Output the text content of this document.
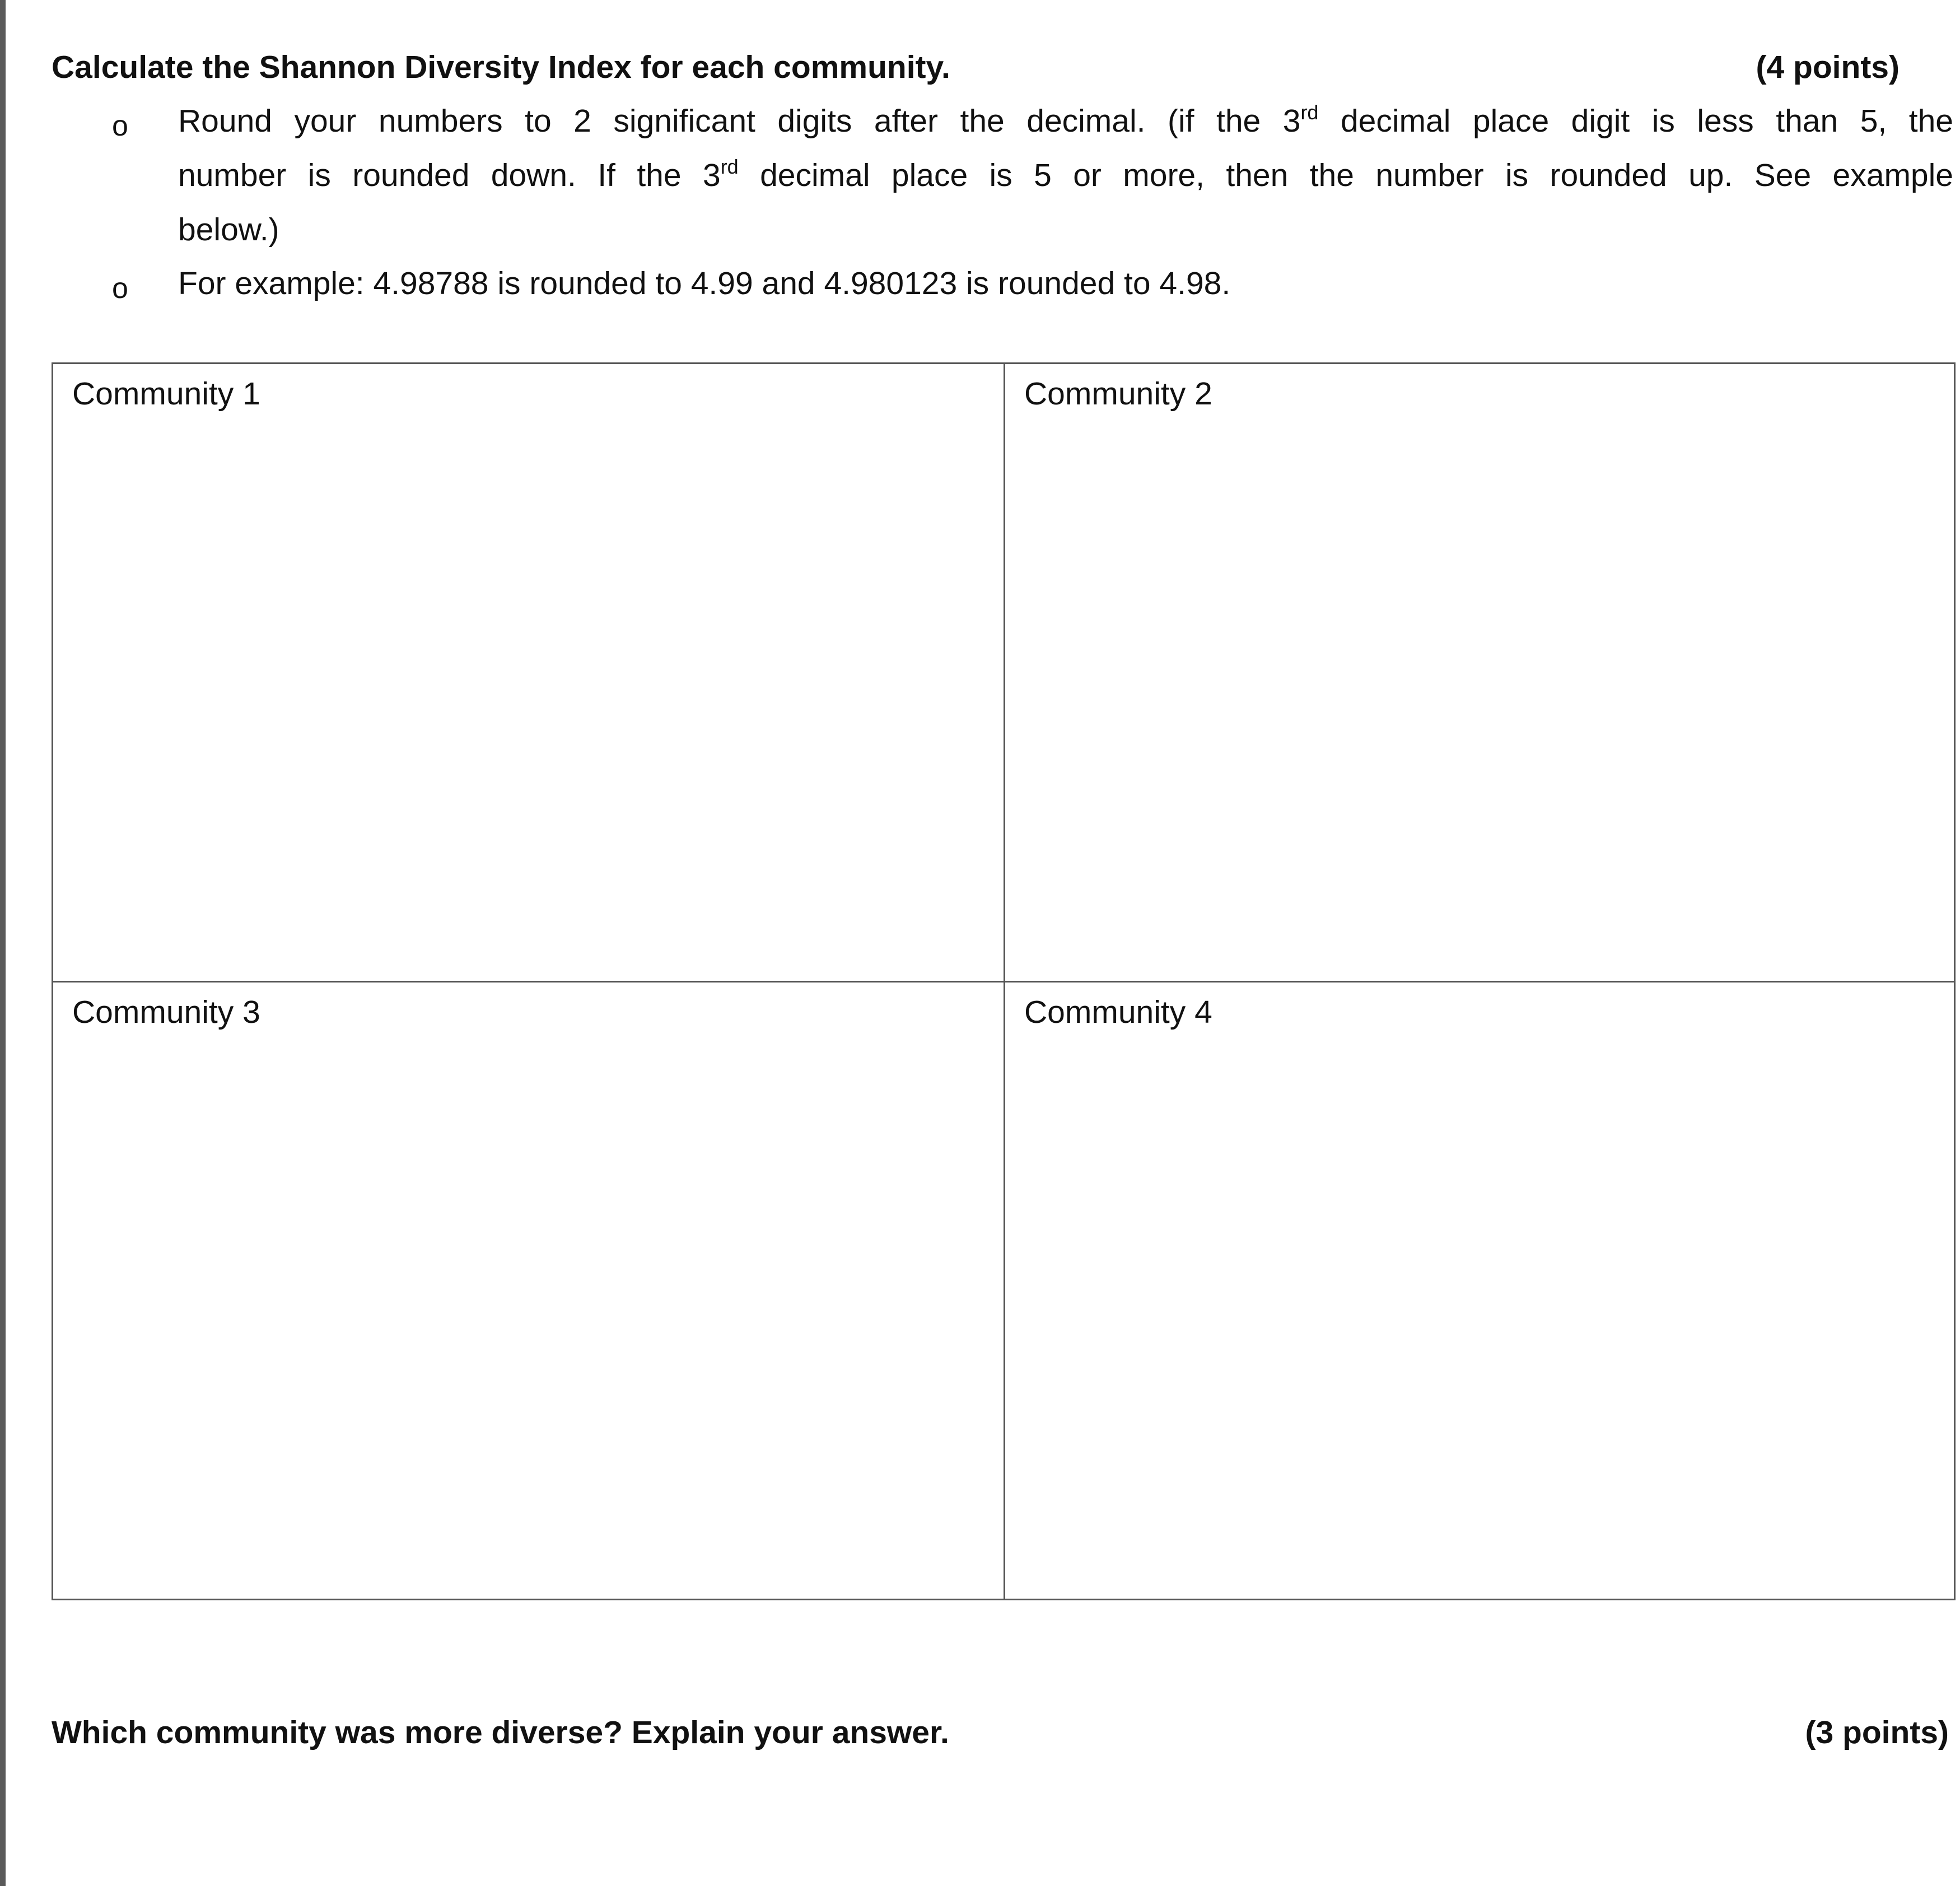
Calculate the Shannon Diversity Index for each community.	(4 points)
o Round your numbers to 2 significant digits after the decimal. (if the 3rd decimal place digit is less than 5, the
number is rounded down. If the 3rd decimal place is 5 or more, then the number is rounded up. See example
below.)
o For example: 4.98788 is rounded to 4.99 and 4.980123 is rounded to 4.98.
Community 1	Community 2
Community 3	Community 4
Which community was more diverse? Explain your answer.	(3 points)
